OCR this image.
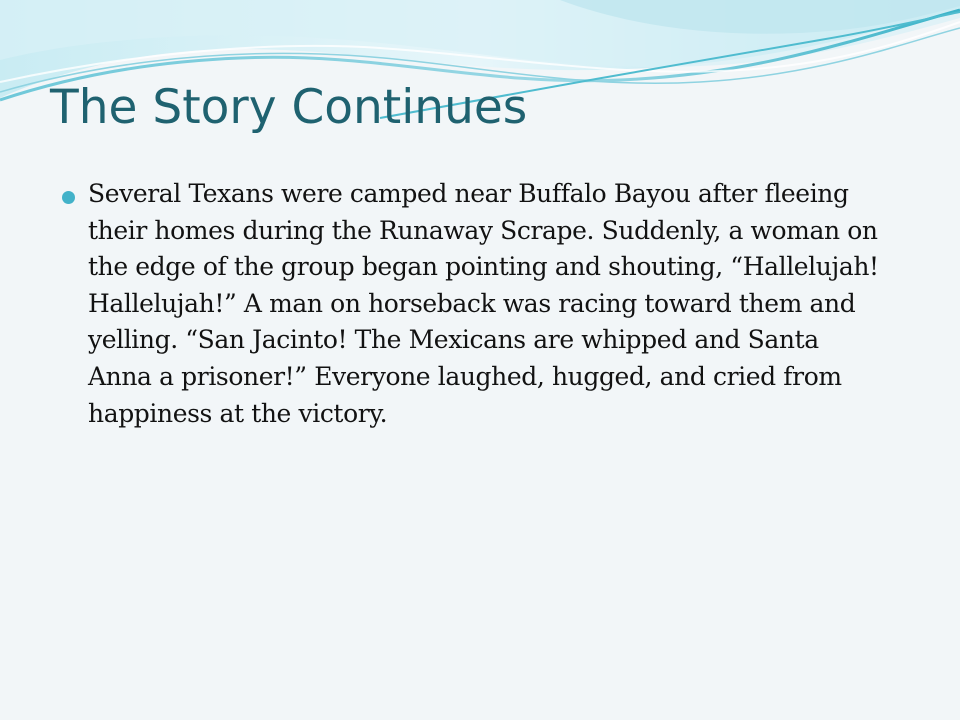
The Story Continues
Several Texans were camped near Buffalo Bayou after fleeing their homes during the Runaway Scrape. Suddenly, a woman on the edge of the group began pointing and shouting, “Hallelujah! Hallelujah!” A man on horseback was racing toward them and yelling. “San Jacinto! The Mexicans are whipped and Santa Anna a prisoner!” Everyone laughed, hugged, and cried from happiness at the victory.
